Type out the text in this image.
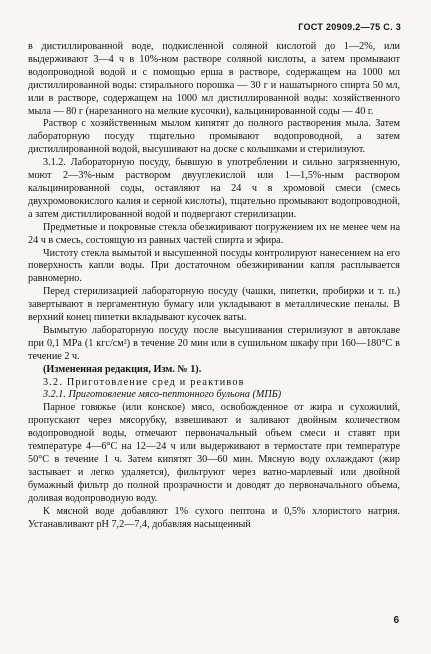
ГОСТ 20909.2—75 С. 3

в дистиллированной воде, подкисленной соляной кислотой до 1—2%, или выдерживают 3—4 ч в 10%-ном растворе соляной кислоты, а затем промывают водопроводной водой и с помощью ерша в растворе, содержащем на 1000 мл дистиллированной воды: стирального порошка — 30 г и нашатырного спирта 50 мл, или в растворе, содержащем на 1000 мл дистиллированной воды: хозяйственного мыла — 80 г (нарезанного на мелкие кусочки), кальцинированной соды — 40 г.

Раствор с хозяйственным мылом кипятят до полного растворения мыла. Затем лабораторную посуду тщательно промывают водопроводной, а затем дистиллированной водой, высушивают на доске с колышками и стерилизуют.

3.1.2. Лабораторную посуду, бывшую в употреблении и сильно загрязненную, моют 2—3%-ным раствором двууглекислой или 1—1,5%-ным раствором кальцинированной соды, оставляют на 24 ч в хромовой смеси (смесь двухромовокислого калия и серной кислоты), тщательно промывают водопроводной, а затем дистиллированной водой и подвергают стерилизации.

Предметные и покровные стекла обезжиривают погружением их не менее чем на 24 ч в смесь, состоящую из равных частей спирта и эфира.

Чистоту стекла вымытой и высушенной посуды контролируют нанесением на его поверхность капли воды. При достаточном обезжиривании капля расплывается равномерно.

Перед стерилизацией лабораторную посуду (чашки, пипетки, пробирки и т. п.) завертывают в пергаментную бумагу или укладывают в металлические пеналы. В верхний конец пипетки вкладывают кусочек ваты.

Вымытую лабораторную посуду после высушивания стерилизуют в автоклаве при 0,1 MPa (1 кгс/см²) в течение 20 мин или в сушильном шкафу при 160—180°С в течение 2 ч.

(Измененная редакция, Изм. № 1).

3.2. Приготовление сред и реактивов

3.2.1. Приготовление мясо-пептонного бульона (МПБ)

Парное говяжье (или конское) мясо, освобожденное от жира и сухожилий, пропускают через мясорубку, взвешивают и заливают двойным количеством водопроводной воды, отмечают первоначальный объем смеси и ставят при температуре 4—6°С на 12—24 ч или выдерживают в термостате при температуре 50°С в течение 1 ч. Затем кипятят 30—60 мин. Мясную воду охлаждают (жир застывает и легко удаляется), фильтруют через ватно-марлевый или двойной бумажный фильтр до полной прозрачности и доводят до первоначального объема, доливая водопроводную воду.

К мясной воде добавляют 1% сухого пептона и 0,5% хлористого натрия. Устанавливают рН 7,2—7,4, добавляя насыщенный

6
